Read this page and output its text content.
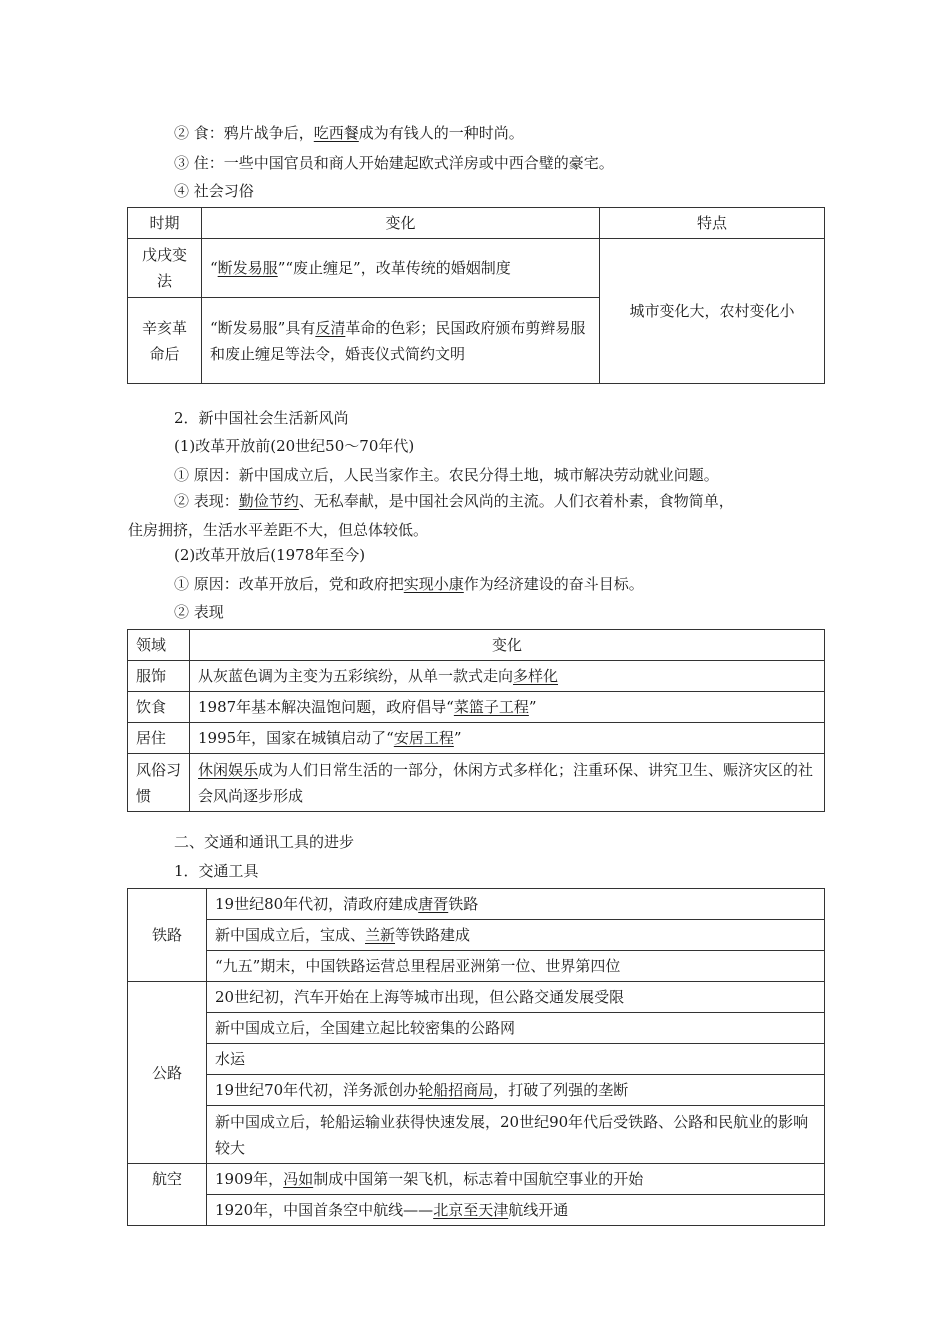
② 食：鸦片战争后，吃西餐成为有钱人的一种时尚。
③ 住：一些中国官员和商人开始建起欧式洋房或中西合璧的豪宅。
④ 社会习俗
时期	变化	特点
戊戌变法	“断发易服”“废止缠足”，改革传统的婚姻制度	城市变化大，农村变化小
辛亥革命后	“断发易服”具有反清革命的色彩；民国政府颁布剪辫易服和废止缠足等法令，婚丧仪式简约文明	
2．新中国社会生活新风尚
(1)改革开放前(20世纪50～70年代)
① 原因：新中国成立后，人民当家作主。农民分得土地，城市解决劳动就业问题。
② 表现：勤俭节约、无私奉献，是中国社会风尚的主流。人们衣着朴素，食物简单，
住房拥挤，生活水平差距不大，但总体较低。
(2)改革开放后(1978年至今)
① 原因：改革开放后，党和政府把实现小康作为经济建设的奋斗目标。
② 表现
领域	变化
服饰	从灰蓝色调为主变为五彩缤纷，从单一款式走向多样化
饮食	1987年基本解决温饱问题，政府倡导“菜篮子工程”
居住	1995年，国家在城镇启动了“安居工程”
风俗习惯	休闲娱乐成为人们日常生活的一部分，休闲方式多样化；注重环保、讲究卫生、赈济灾区的社会风尚逐步形成
二、交通和通讯工具的进步
1．交通工具
铁路	19世纪80年代初，清政府建成唐胥铁路
	新中国成立后，宝成、兰新等铁路建成
	“九五”期末，中国铁路运营总里程居亚洲第一位、世界第四位
公路	20世纪初，汽车开始在上海等城市出现，但公路交通发展受限
	新中国成立后，全国建立起比较密集的公路网
	水运
	19世纪70年代初，洋务派创办轮船招商局，打破了列强的垄断
	新中国成立后，轮船运输业获得快速发展，20世纪90年代后受铁路、公路和民航业的影响较大
航空	1909年，冯如制成中国第一架飞机，标志着中国航空事业的开始
	1920年，中国首条空中航线——北京至天津航线开通
